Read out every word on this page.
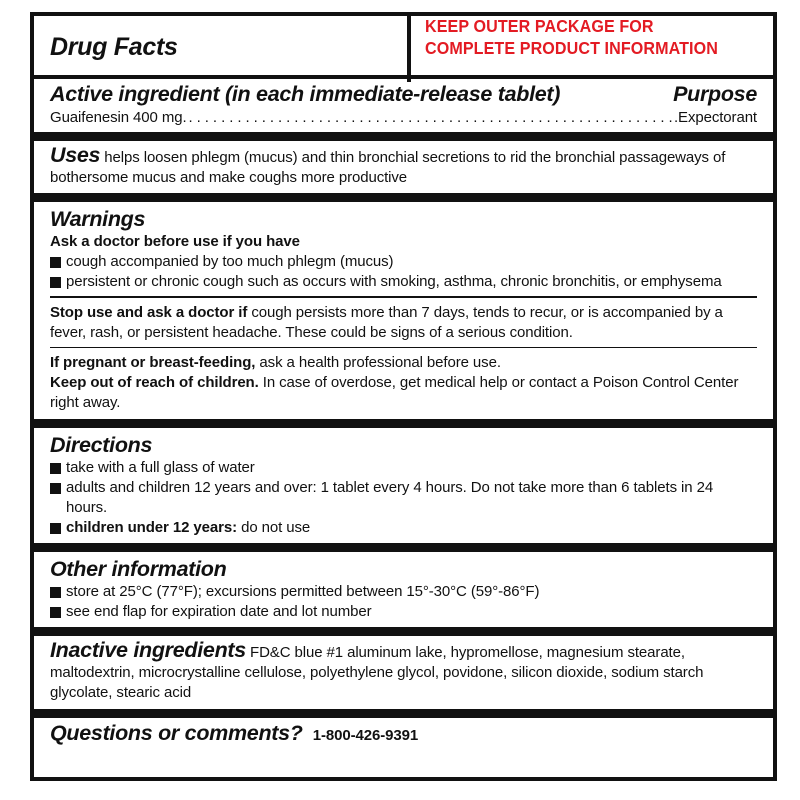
KEEP OUTER PACKAGE FOR
COMPLETE PRODUCT INFORMATION
Drug Facts
Active ingredient (in each immediate-release tablet)	Purpose
Guaifenesin 400 mg.
. . .	.Expectorant
Uses helps loosen phlegm (mucus) and thin bronchial secretions to rid the bronchial passageways of bothersome mucus and make coughs more productive
Warnings
Ask a doctor before use if you have
cough accompanied by too much phlegm (mucus)
persistent or chronic cough such as occurs with smoking, asthma, chronic bronchitis, or emphysema
Stop use and ask a doctor if cough persists more than 7 days, tends to recur, or is accompanied by a fever, rash, or persistent headache. These could be signs of a serious condition.
If pregnant or breast-feeding, ask a health professional before use.
Keep out of reach of children. In case of overdose, get medical help or contact a Poison Control Center right away.
Directions
take with a full glass of water
adults and children 12 years and over: 1 tablet every 4 hours. Do not take more than 6 tablets in 24 hours.
children under 12 years: do not use
Other information
store at 25°C (77°F); excursions permitted between 15°-30°C (59°-86°F)
see end flap for expiration date and lot number
Inactive ingredients FD&C blue #1 aluminum lake, hypromellose, magnesium stearate, maltodextrin, microcrystalline cellulose, polyethylene glycol, povidone, silicon dioxide, sodium starch glycolate, stearic acid
Questions or comments? 1-800-426-9391
